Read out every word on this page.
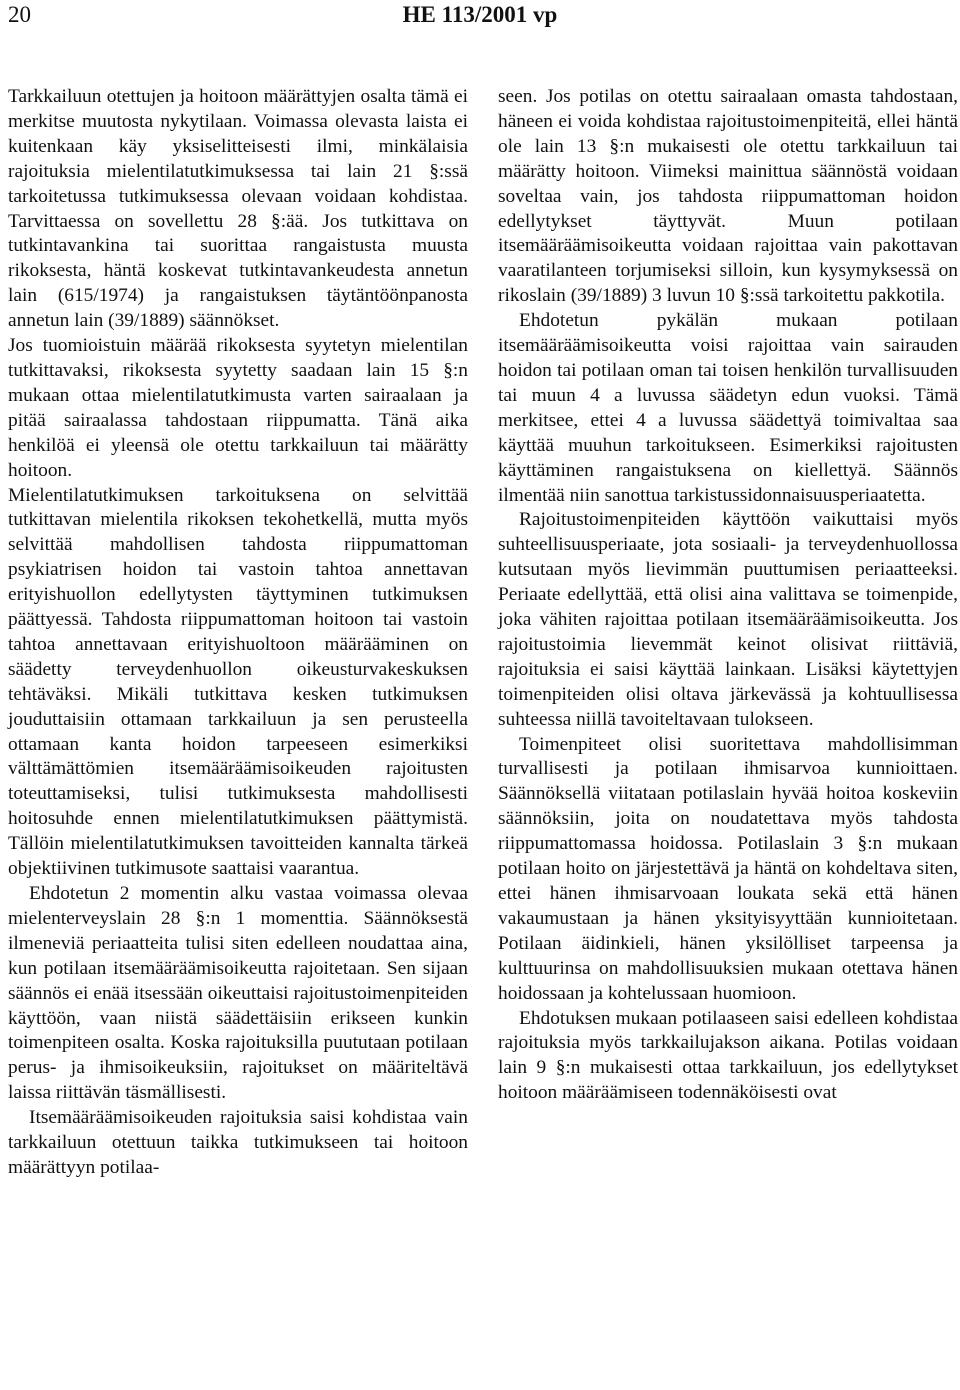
20	HE 113/2001 vp

Tarkkailuun otettujen ja hoitoon määrättyjen osalta tämä ei merkitse muutosta nykytilaan. Voimassa olevasta laista ei kuitenkaan käy yksiselitteisesti ilmi, minkälaisia rajoituksia mielentilatutkimuksessa tai lain 21 §:ssä tarkoitetussa tutkimuksessa olevaan voidaan kohdistaa. Tarvittaessa on sovellettu 28 §:ää. Jos tutkittava on tutkintavankina tai suorittaa rangaistusta muusta rikoksesta, häntä koskevat tutkintavankeudesta annetun lain (615/1974) ja rangaistuksen täytäntöönpanosta annetun lain (39/1889) säännökset.

Jos tuomioistuin määrää rikoksesta syytetyn mielentilan tutkittavaksi, rikoksesta syytetty saadaan lain 15 §:n mukaan ottaa mielentilatutkimusta varten sairaalaan ja pitää sairaalassa tahdostaan riippumatta. Tänä aika henkilöä ei yleensä ole otettu tarkkailuun tai määrätty hoitoon.

Mielentilatutkimuksen tarkoituksena on selvittää tutkittavan mielentila rikoksen tekohetkellä, mutta myös selvittää mahdollisen tahdosta riippumattoman psykiatrisen hoidon tai vastoin tahtoa annettavan erityishuollon edellytysten täyttyminen tutkimuksen päättyessä. Tahdosta riippumattoman hoitoon tai vastoin tahtoa annettavaan erityishuoltoon määrääminen on säädetty terveydenhuollon oikeusturvakeskuksen tehtäväksi. Mikäli tutkittava kesken tutkimuksen jouduttaisiin ottamaan tarkkailuun ja sen perusteella ottamaan kanta hoidon tarpeeseen esimerkiksi välttämättömien itsemääräämisoikeuden rajoitusten toteuttamiseksi, tulisi tutkimuksesta mahdollisesti hoitosuhde ennen mielentilatutkimuksen päättymistä. Tällöin mielentilatutkimuksen tavoitteiden kannalta tärkeä objektiivinen tutkimusote saattaisi vaarantua.

Ehdotetun 2 momentin alku vastaa voimassa olevaa mielenterveyslain 28 §:n 1 momenttia. Säännöksestä ilmeneviä periaatteita tulisi siten edelleen noudattaa aina, kun potilaan itsemääräämisoikeutta rajoitetaan. Sen sijaan säännös ei enää itsessään oikeuttaisi rajoitustoimenpiteiden käyttöön, vaan niistä säädettäisiin erikseen kunkin toimenpiteen osalta. Koska rajoituksilla puututaan potilaan perus- ja ihmisoikeuksiin, rajoitukset on määriteltävä laissa riittävän täsmällisesti.

Itsemääräämisoikeuden rajoituksia saisi kohdistaa vain tarkkailuun otettuun taikka tutkimukseen tai hoitoon määrättyyn potilaa-

seen. Jos potilas on otettu sairaalaan omasta tahdostaan, häneen ei voida kohdistaa rajoitustoimenpiteitä, ellei häntä ole lain 13 §:n mukaisesti ole otettu tarkkailuun tai määrätty hoitoon. Viimeksi mainittua säännöstä voidaan soveltaa vain, jos tahdosta riippumattoman hoidon edellytykset täyttyvät. Muun potilaan itsemääräämisoikeutta voidaan rajoittaa vain pakottavan vaaratilanteen torjumiseksi silloin, kun kysymyksessä on rikoslain (39/1889) 3 luvun 10 §:ssä tarkoitettu pakkotila.

Ehdotetun pykälän mukaan potilaan itsemääräämisoikeutta voisi rajoittaa vain sairauden hoidon tai potilaan oman tai toisen henkilön turvallisuuden tai muun 4 a luvussa säädetyn edun vuoksi. Tämä merkitsee, ettei 4 a luvussa säädettyä toimivaltaa saa käyttää muuhun tarkoitukseen. Esimerkiksi rajoitusten käyttäminen rangaistuksena on kiellettyä. Säännös ilmentää niin sanottua tarkistussidonnaisuusperiaatetta.

Rajoitustoimenpiteiden käyttöön vaikuttaisi myös suhteellisuusperiaate, jota sosiaali- ja terveydenhuollossa kutsutaan myös lievimmän puuttumisen periaatteeksi. Periaate edellyttää, että olisi aina valittava se toimenpide, joka vähiten rajoittaa potilaan itsemääräämisoikeutta. Jos rajoitustoimia lievemmät keinot olisivat riittäviä, rajoituksia ei saisi käyttää lainkaan. Lisäksi käytettyjen toimenpiteiden olisi oltava järkevässä ja kohtuullisessa suhteessa niillä tavoiteltavaan tulokseen.

Toimenpiteet olisi suoritettava mahdollisimman turvallisesti ja potilaan ihmisarvoa kunnioittaen. Säännöksellä viitataan potilaslain hyvää hoitoa koskeviin säännöksiin, joita on noudatettava myös tahdosta riippumattomassa hoidossa. Potilaslain 3 §:n mukaan potilaan hoito on järjestettävä ja häntä on kohdeltava siten, ettei hänen ihmisarvoaan loukata sekä että hänen vakaumustaan ja hänen yksityisyyttään kunnioitetaan. Potilaan äidinkieli, hänen yksilölliset tarpeensa ja kulttuurinsa on mahdollisuuksien mukaan otettava hänen hoidossaan ja kohtelussaan huomioon.

Ehdotuksen mukaan potilaaseen saisi edelleen kohdistaa rajoituksia myös tarkkailujakson aikana. Potilas voidaan lain 9 §:n mukaisesti ottaa tarkkailuun, jos edellytykset hoitoon määräämiseen todennäköisesti ovat
